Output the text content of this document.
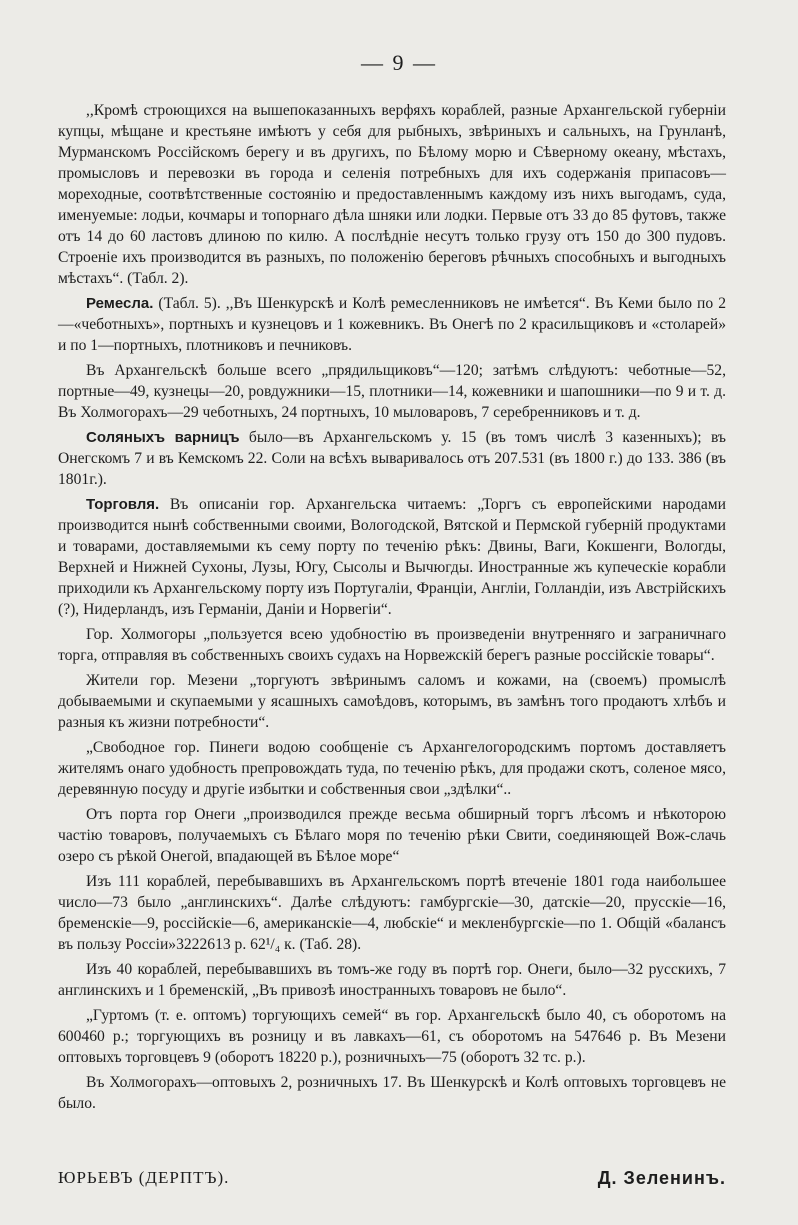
— 9 —

,,Кромѣ строющихся на вышепоказанныхъ верфяхъ кораблей, разные Архангельской губерніи купцы, мѣщане и крестьяне имѣютъ у себя для рыбныхъ, звѣриныхъ и сальныхъ, на Грунланѣ, Мурманскомъ Россійскомъ берегу и въ другихъ, по Бѣлому морю и Сѣверному океану, мѣстахъ, промысловъ и перевозки въ города и селенія потребныхъ для ихъ содержанія припасовъ—мореходные, соотвѣтственные состоянію и предоставленнымъ каждому изъ нихъ выгодамъ, суда, именуемые: лодьи, кочмары и топорнаго дѣла шняки или лодки. Первые отъ 33 до 85 футовъ, также отъ 14 до 60 ластовъ длиною по килю. А послѣдніе несутъ только грузу отъ 150 до 300 пудовъ. Строеніе ихъ производится въ разныхъ, по положенію береговъ рѣчныхъ способныхъ и выгодныхъ мѣстахъ“. (Табл. 2).

Ремесла. (Табл. 5). ,,Въ Шенкурскѣ и Колѣ ремесленниковъ не имѣется“. Въ Кеми было по 2—«чеботныхъ», портныхъ и кузнецовъ и 1 кожевникъ. Въ Онегѣ по 2 красильщиковъ и «столарей» и по 1—портныхъ, плотниковъ и печниковъ.

Въ Архангельскѣ больше всего „прядильщиковъ“—120; затѣмъ слѣдуютъ: чеботные—52, портные—49, кузнецы—20, ровдужники—15, плотники—14, кожевники и шапошники—по 9 и т. д. Въ Холмогорахъ—29 чеботныхъ, 24 портныхъ, 10 мыловаровъ, 7 серебренниковъ и т. д.

Соляныхъ варницъ было—въ Архангельскомъ у. 15 (въ томъ числѣ 3 казенныхъ); въ Онегскомъ 7 и въ Кемскомъ 22. Соли на всѣхъ вываривалось отъ 207.531 (въ 1800 г.) до 133. 386 (въ 1801г.).

Торговля. Въ описаніи гор. Архангельска читаемъ: „Торгъ съ европейскими народами производится нынѣ собственными своими, Вологодской, Вятской и Пермской губерній продуктами и товарами, доставляемыми къ сему порту по теченію рѣкъ: Двины, Ваги, Кокшенги, Вологды, Верхней и Нижней Сухоны, Лузы, Югу, Сысолы и Вычюгды. Иностранные жъ купеческіе корабли приходили къ Архангельскому порту изъ Португаліи, Франціи, Англіи, Голландіи, изъ Австрійскихъ (?), Нидерландъ, изъ Германіи, Даніи и Норвегіи“.

Гор. Холмогоры „пользуется всею удобностію въ произведеніи внутренняго и заграничнаго торга, отправляя въ собственныхъ своихъ судахъ на Норвежскій берегъ разные россійскіе товары“.

Жители гор. Мезени „торгуютъ звѣринымъ саломъ и кожами, на (своемъ) промыслѣ добываемыми и скупаемыми у ясашныхъ самоѣдовъ, которымъ, въ замѣнъ того продаютъ хлѣбъ и разныя къ жизни потребности“.

„Свободное гор. Пинеги водою сообщеніе съ Архангелогородскимъ портомъ доставляетъ жителямъ онаго удобность препровождать туда, по теченію рѣкъ, для продажи скотъ, соленое мясо, деревянную посуду и другіе избытки и собственныя свои „здѣлки“..

Отъ порта гор Онеги „производился прежде весьма обширный торгъ лѣсомъ и нѣкоторою частію товаровъ, получаемыхъ съ Бѣлаго моря по теченію рѣки Свити, соединяющей Вож-слачь озеро съ рѣкой Онегой, впадающей въ Бѣлое море“

Изъ 111 кораблей, перебывавшихъ въ Архангельскомъ портѣ втеченіе 1801 года наибольшее число—73 было „англинскихъ“. Далѣе слѣдуютъ: гамбургскіе—30, датскіе—20, прусскіе—16, бременскіе—9, россійскіе—6, американскіе—4, любскіе“ и мекленбургскіе—по 1. Общій «балансъ въ пользу Россіи»3222613 р. 62¹/₄ к. (Таб. 28).

Изъ 40 кораблей, перебывавшихъ въ томъ-же году въ портѣ гор. Онеги, было—32 русскихъ, 7 англинскихъ и 1 бременскій, „Въ привозѣ иностранныхъ товаровъ не было“.

„Гуртомъ (т. е. оптомъ) торгующихъ семей“ въ гор. Архангельскѣ было 40, съ оборотомъ на 600460 р.; торгующихъ въ розницу и въ лавкахъ—61, съ оборотомъ на 547646 р. Въ Мезени оптовыхъ торговцевъ 9 (оборотъ 18220 р.), розничныхъ—75 (оборотъ 32 тс. р.).

Въ Холмогорахъ—оптовыхъ 2, розничныхъ 17. Въ Шенкурскѣ и Колѣ оптовыхъ торговцевъ не было.

ЮРЬЕВЪ (ДЕРПТЪ).	Д. Зеленинъ.
